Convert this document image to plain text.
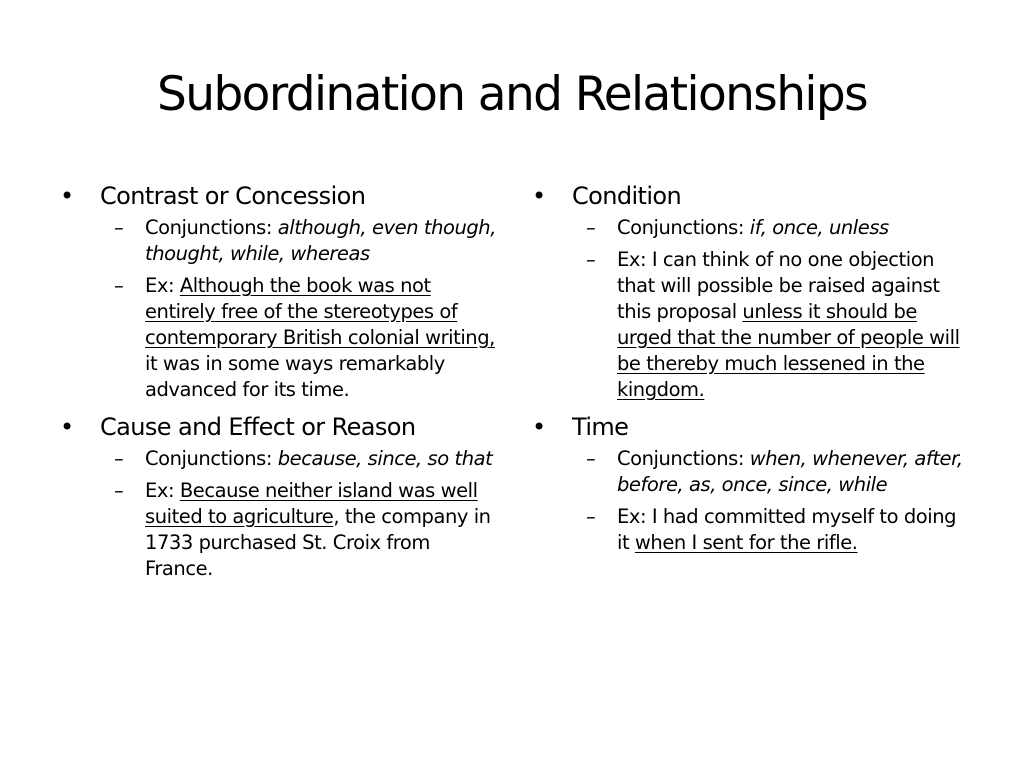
Subordination and Relationships
• Contrast or Concession
– Conjunctions: although, even though, thought, while, whereas
– Ex: Although the book was not entirely free of the stereotypes of contemporary British colonial writing, it was in some ways remarkably advanced for its time.
• Cause and Effect or Reason
– Conjunctions: because, since, so that
– Ex: Because neither island was well suited to agriculture, the company in 1733 purchased St. Croix from France.
• Condition
– Conjunctions: if, once, unless
– Ex: I can think of no one objection that will possible be raised against this proposal unless it should be urged that the number of people will be thereby much lessened in the kingdom.
• Time
– Conjunctions: when, whenever, after, before, as, once, since, while
– Ex: I had committed myself to doing it when I sent for the rifle.
